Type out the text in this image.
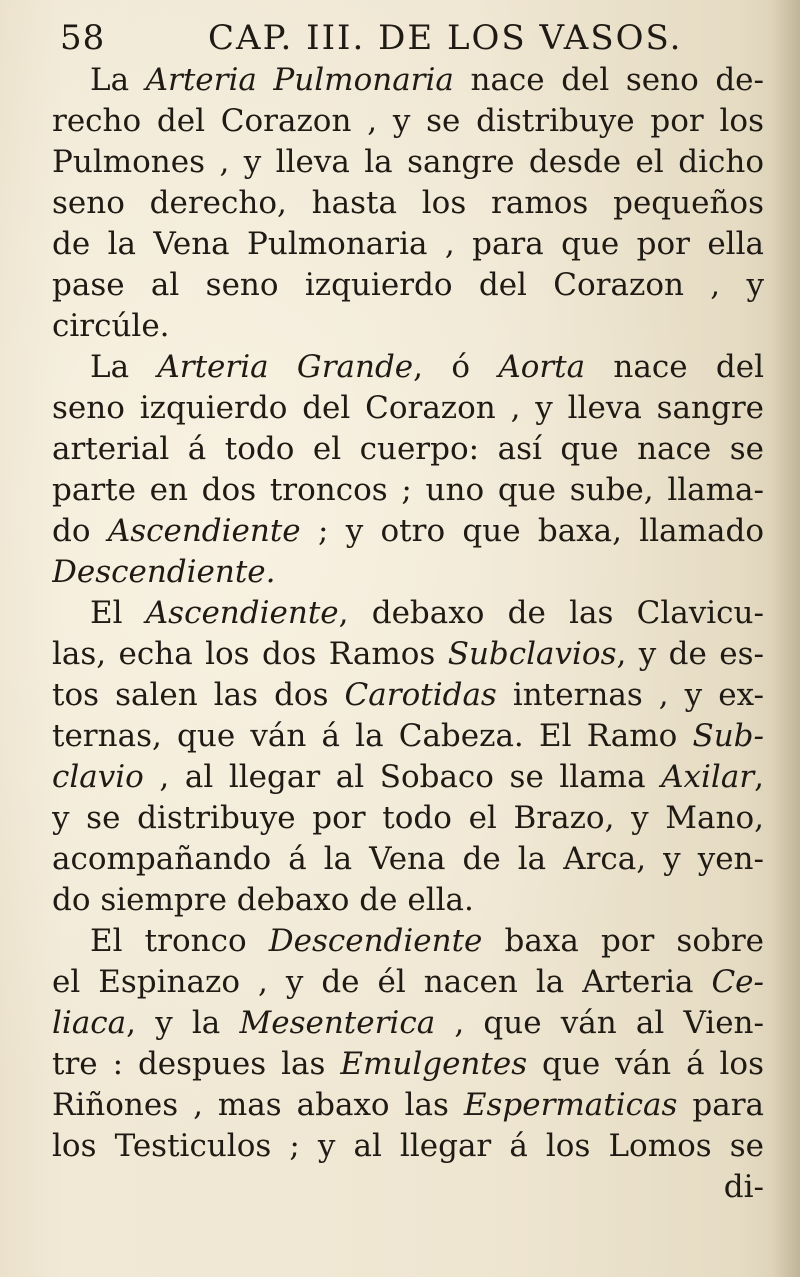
58	CAP. III. DE LOS VASOS.
La Arteria Pulmonaria nace del seno de-
recho del Corazon , y se distribuye por los
Pulmones , y lleva la sangre desde el dicho
seno derecho, hasta los ramos pequeños
de la Vena Pulmonaria , para que por ella
pase al seno izquierdo del Corazon , y
circúle.
La Arteria Grande, ó Aorta nace del
seno izquierdo del Corazon , y lleva sangre
arterial á todo el cuerpo: así que nace se
parte en dos troncos ; uno que sube, llama-
do Ascendiente ; y otro que baxa, llamado
Descendiente.
El Ascendiente, debaxo de las Clavicu-
las, echa los dos Ramos Subclavios, y de es-
tos salen las dos Carotidas internas , y ex-
ternas, que ván á la Cabeza. El Ramo Sub-
clavio , al llegar al Sobaco se llama Axilar,
y se distribuye por todo el Brazo, y Mano,
acompañando á la Vena de la Arca, y yen-
do siempre debaxo de ella.
El tronco Descendiente baxa por sobre
el Espinazo , y de él nacen la Arteria Ce-
liaca, y la Mesenterica , que ván al Vien-
tre : despues las Emulgentes que ván á los
Riñones , mas abaxo las Espermaticas para
los Testiculos ; y al llegar á los Lomos se
di-
